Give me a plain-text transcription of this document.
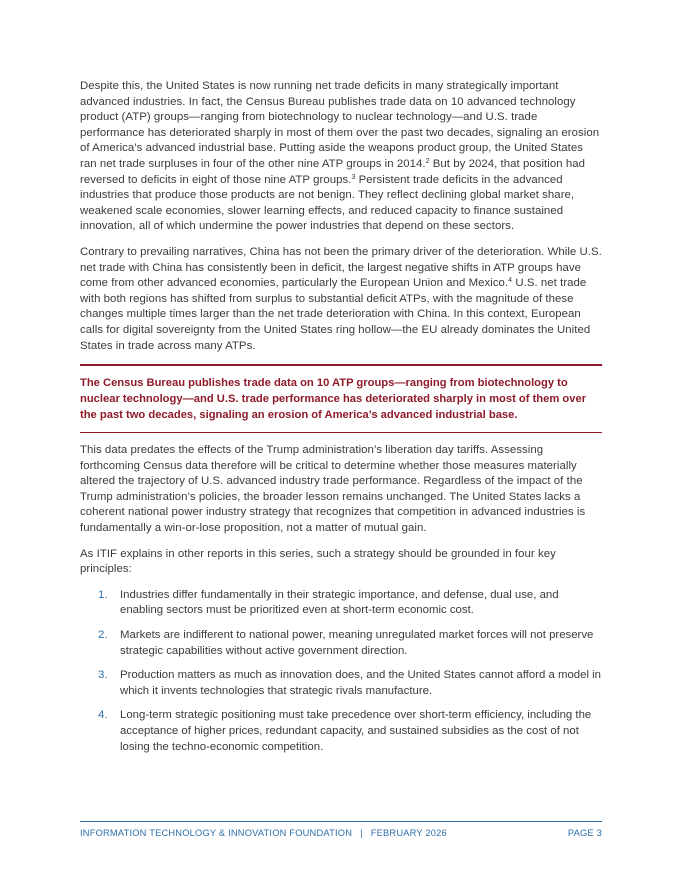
Despite this, the United States is now running net trade deficits in many strategically important advanced industries. In fact, the Census Bureau publishes trade data on 10 advanced technology product (ATP) groups—ranging from biotechnology to nuclear technology—and U.S. trade performance has deteriorated sharply in most of them over the past two decades, signaling an erosion of America’s advanced industrial base. Putting aside the weapons product group, the United States ran net trade surpluses in four of the other nine ATP groups in 2014.$^2$ But by 2024, that position had reversed to deficits in eight of those nine ATP groups.$^3$ Persistent trade deficits in the advanced industries that produce those products are not benign. They reflect declining global market share, weakened scale economies, slower learning effects, and reduced capacity to finance sustained innovation, all of which undermine the power industries that depend on these sectors.

Contrary to prevailing narratives, China has not been the primary driver of the deterioration. While U.S. net trade with China has consistently been in deficit, the largest negative shifts in ATP groups have come from other advanced economies, particularly the European Union and Mexico.$^4$ U.S. net trade with both regions has shifted from surplus to substantial deficit ATPs, with the magnitude of these changes multiple times larger than the net trade deterioration with China. In this context, European calls for digital sovereignty from the United States ring hollow—the EU already dominates the United States in trade across many ATPs.

The Census Bureau publishes trade data on 10 ATP groups—ranging from biotechnology to nuclear technology—and U.S. trade performance has deteriorated sharply in most of them over the past two decades, signaling an erosion of America’s advanced industrial base.

This data predates the effects of the Trump administration’s liberation day tariffs. Assessing forthcoming Census data therefore will be critical to determine whether those measures materially altered the trajectory of U.S. advanced industry trade performance. Regardless of the impact of the Trump administration’s policies, the broader lesson remains unchanged. The United States lacks a coherent national power industry strategy that recognizes that competition in advanced industries is fundamentally a win-or-lose proposition, not a matter of mutual gain.

As ITIF explains in other reports in this series, such a strategy should be grounded in four key principles:

1.	Industries differ fundamentally in their strategic importance, and defense, dual use, and enabling sectors must be prioritized even at short-term economic cost.
2.	Markets are indifferent to national power, meaning unregulated market forces will not preserve strategic capabilities without active government direction.
3.	Production matters as much as innovation does, and the United States cannot afford a model in which it invents technologies that strategic rivals manufacture.
4.	Long-term strategic positioning must take precedence over short-term efficiency, including the acceptance of higher prices, redundant capacity, and sustained subsidies as the cost of not losing the techno-economic competition.
INFORMATION TECHNOLOGY & INNOVATION FOUNDATION | FEBRUARY 2026	PAGE 3
